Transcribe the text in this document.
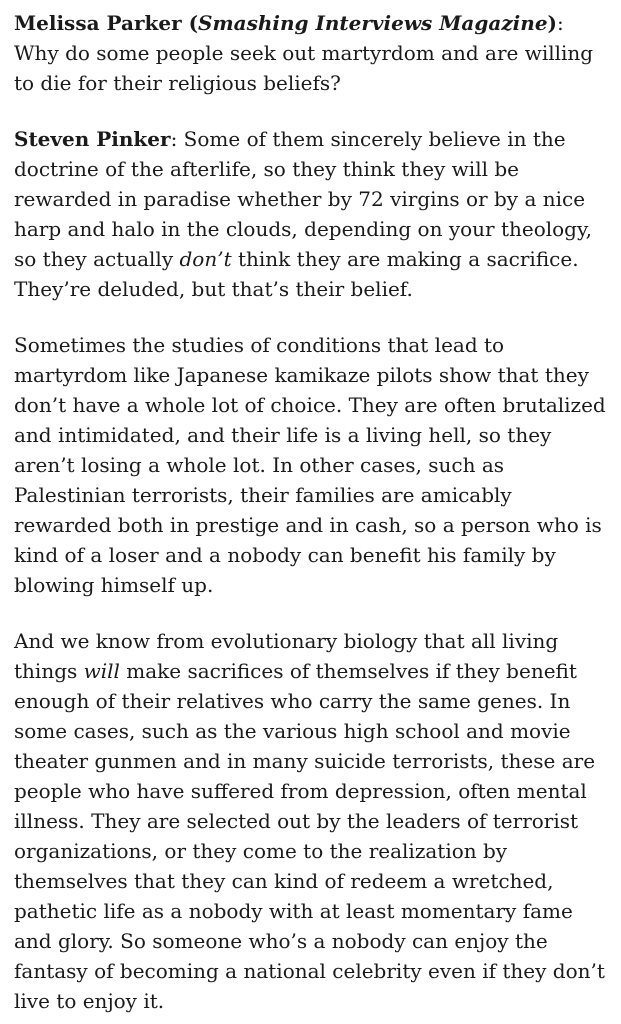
Melissa Parker (Smashing Interviews Magazine): Why do some people seek out martyrdom and are willing to die for their religious beliefs?

Steven Pinker: Some of them sincerely believe in the doctrine of the afterlife, so they think they will be rewarded in paradise whether by 72 virgins or by a nice harp and halo in the clouds, depending on your theology, so they actually don’t think they are making a sacrifice. They’re deluded, but that’s their belief.

Sometimes the studies of conditions that lead to martyrdom like Japanese kamikaze pilots show that they don’t have a whole lot of choice. They are often brutalized and intimidated, and their life is a living hell, so they aren’t losing a whole lot. In other cases, such as Palestinian terrorists, their families are amicably rewarded both in prestige and in cash, so a person who is kind of a loser and a nobody can benefit his family by blowing himself up.

And we know from evolutionary biology that all living things will make sacrifices of themselves if they benefit enough of their relatives who carry the same genes. In some cases, such as the various high school and movie theater gunmen and in many suicide terrorists, these are people who have suffered from depression, often mental illness. They are selected out by the leaders of terrorist organizations, or they come to the realization by themselves that they can kind of redeem a wretched, pathetic life as a nobody with at least momentary fame and glory. So someone who’s a nobody can enjoy the fantasy of becoming a national celebrity even if they don’t live to enjoy it.
